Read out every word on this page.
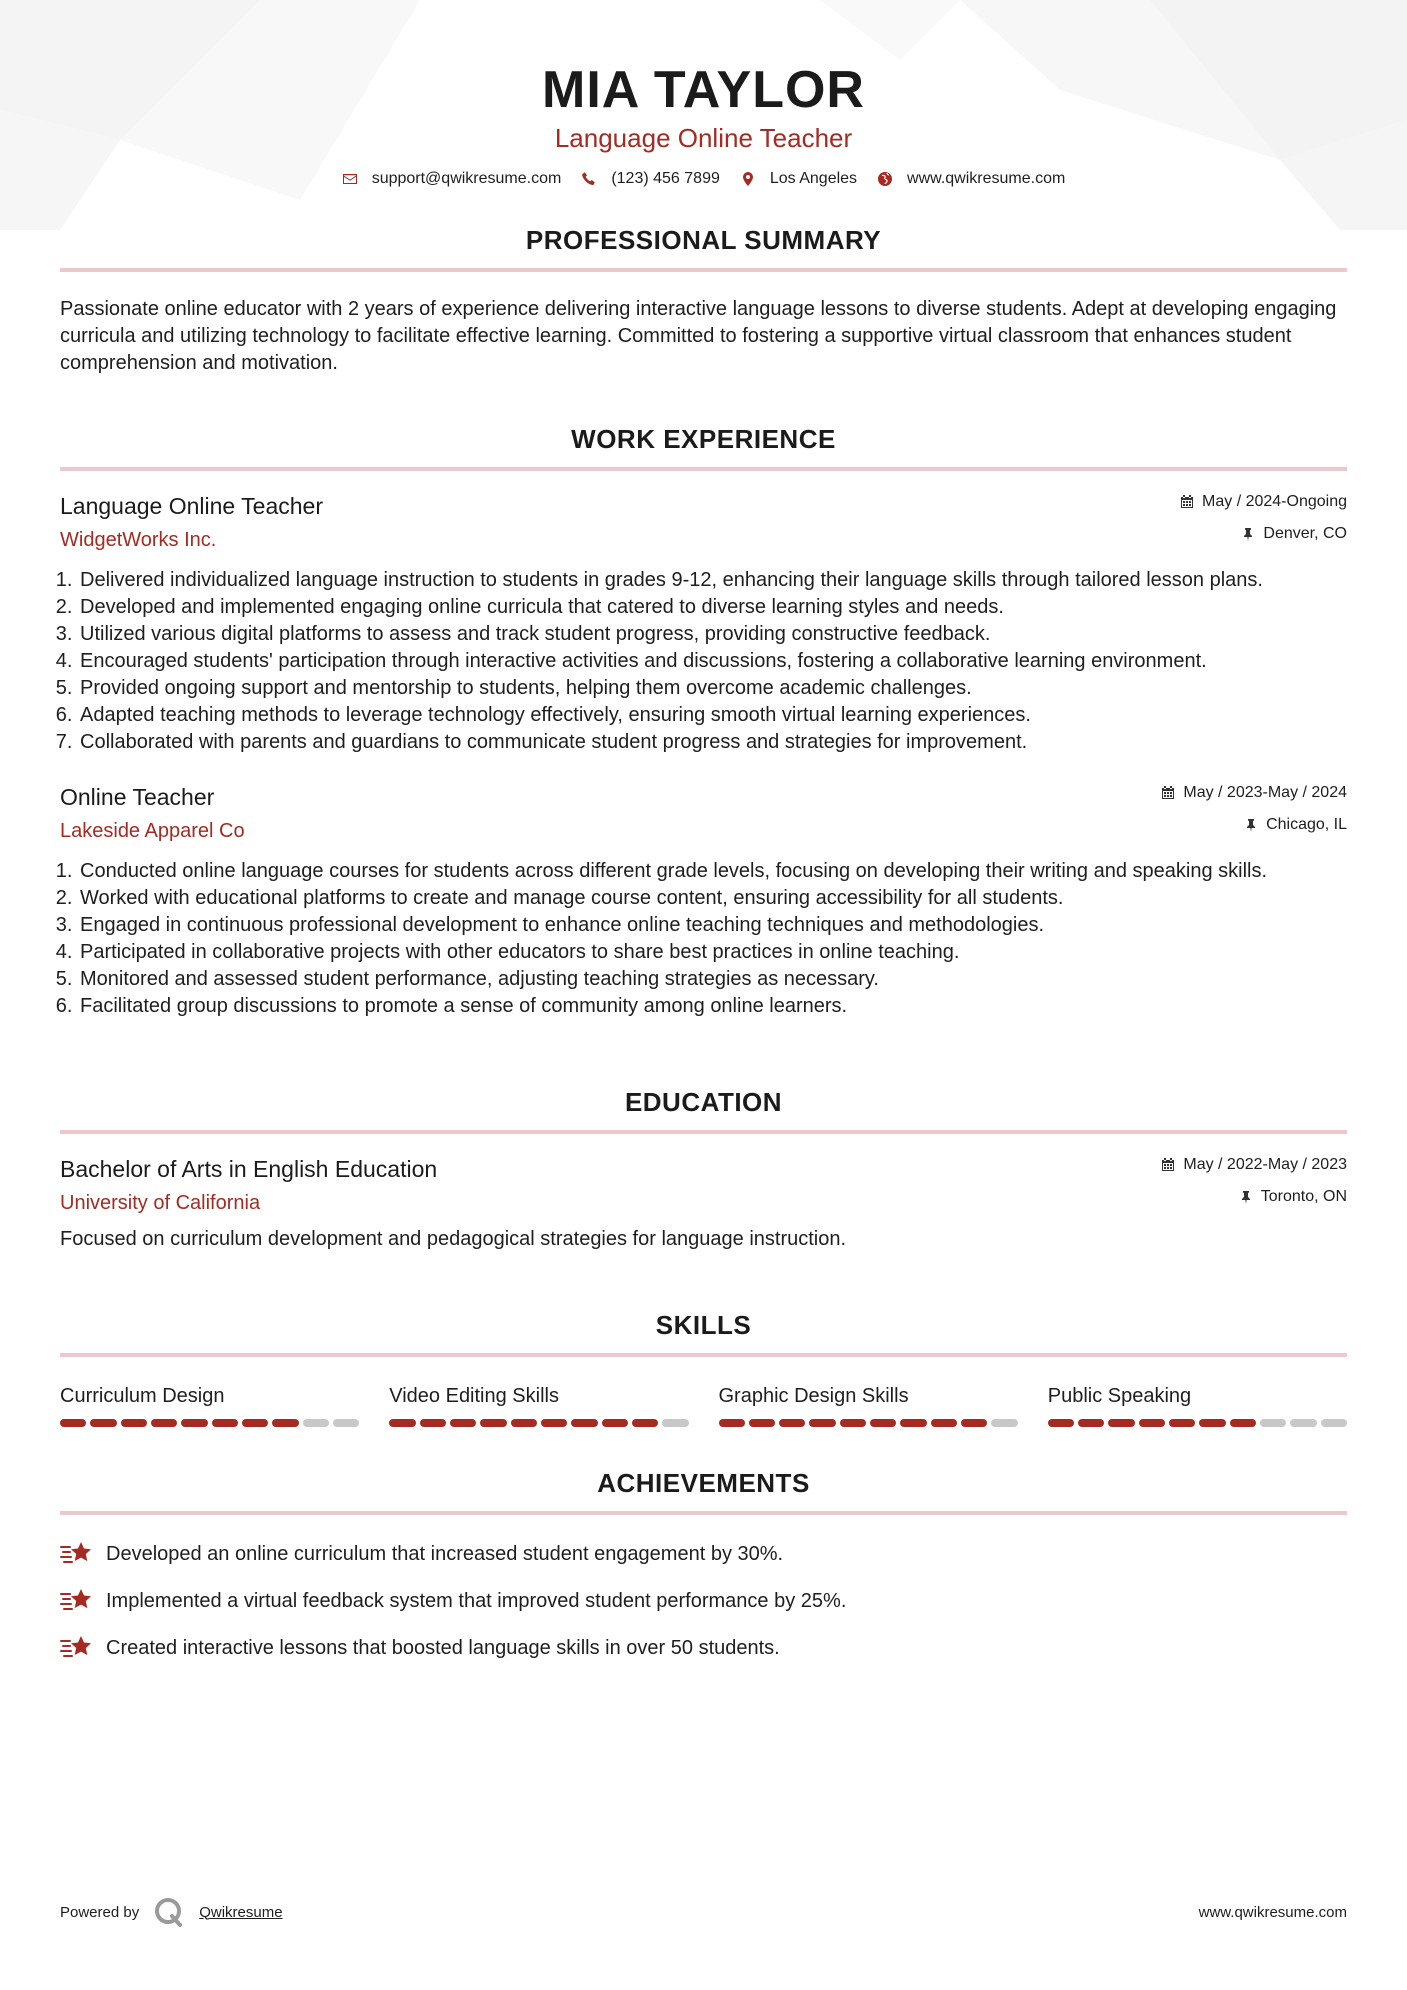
MIA TAYLOR
Language Online Teacher
support@qwikresume.com	(123) 456 7899	Los Angeles	www.qwikresume.com
PROFESSIONAL SUMMARY

Passionate online educator with 2 years of experience delivering interactive language lessons to diverse students. Adept at developing engaging curricula and utilizing technology to facilitate effective learning. Committed to fostering a supportive virtual classroom that enhances student comprehension and motivation.

WORK EXPERIENCE
Language Online Teacher
WidgetWorks Inc.
May / 2024-Ongoing
Denver, CO
1. Delivered individualized language instruction to students in grades 9-12, enhancing their language skills through tailored lesson plans.
2. Developed and implemented engaging online curricula that catered to diverse learning styles and needs.
3. Utilized various digital platforms to assess and track student progress, providing constructive feedback.
4. Encouraged students' participation through interactive activities and discussions, fostering a collaborative learning environment.
5. Provided ongoing support and mentorship to students, helping them overcome academic challenges.
6. Adapted teaching methods to leverage technology effectively, ensuring smooth virtual learning experiences.
7. Collaborated with parents and guardians to communicate student progress and strategies for improvement.
Online Teacher
Lakeside Apparel Co
May / 2023-May / 2024
Chicago, IL
1. Conducted online language courses for students across different grade levels, focusing on developing their writing and speaking skills.
2. Worked with educational platforms to create and manage course content, ensuring accessibility for all students.
3. Engaged in continuous professional development to enhance online teaching techniques and methodologies.
4. Participated in collaborative projects with other educators to share best practices in online teaching.
5. Monitored and assessed student performance, adjusting teaching strategies as necessary.
6. Facilitated group discussions to promote a sense of community among online learners.
EDUCATION
Bachelor of Arts in English Education
University of California
May / 2022-May / 2023
Toronto, ON

Focused on curriculum development and pedagogical strategies for language instruction.

SKILLS
Curriculum Design	Video Editing Skills	Graphic Design Skills	Public Speaking
ACHIEVEMENTS
Developed an online curriculum that increased student engagement by 30%.
Implemented a virtual feedback system that improved student performance by 25%.
Created interactive lessons that boosted language skills in over 50 students.
Powered by	Qwikresume	www.qwikresume.com
